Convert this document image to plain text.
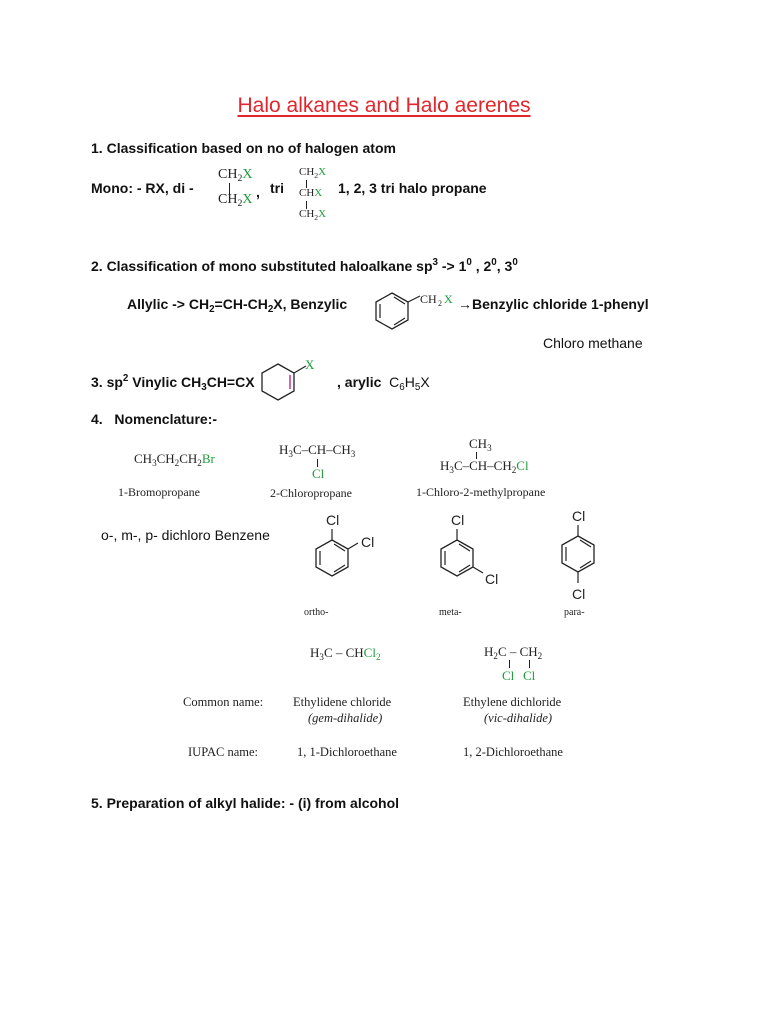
Halo alkanes and Halo aerenes
1. Classification based on no of halogen atom
Mono: - RX, di -
$CH_2X$
$CH_2X$ , tri
$CH_2X$
CHX
$CH_2X$
1, 2, 3 tri halo propane
2. Classification of mono substituted haloalkane $sp^3 -> 1^0$ , $2^0$, $3^0$
Allylic -> $CH_2=CH-CH_2X$, Benzylic	CH 2 X →Benzylic chloride 1-phenyl
Chloro methane
3. $sp^2$ Vinylic $CH_3CH=CX$
X
, arylic $C_6H_5X$
4. Nomenclature:-
$CH_3CH_2CH_2Br$
1-Bromopropane
$H_3C-CH-CH_3$
Cl
2-Chloropropane
$CH_3$
$H_3C-CH-CH_2Cl$
1-Chloro-2-methylpropane
o-, m-, p- dichloro Benzene
Cl
Cl
ortho-
Cl
Cl
meta-
Cl
Cl
para-
$H_3C$ – CHCl$_2$	$H_2C - CH_2$
Cl Cl
Common name: Ethylidene chloride
(gem-dihalide)
Ethylene dichloride
(vic-dihalide)
IUPAC name:	1, 1-Dichloroethane	1, 2-Dichloroethane
5. Preparation of alkyl halide: - (i) from alcohol
